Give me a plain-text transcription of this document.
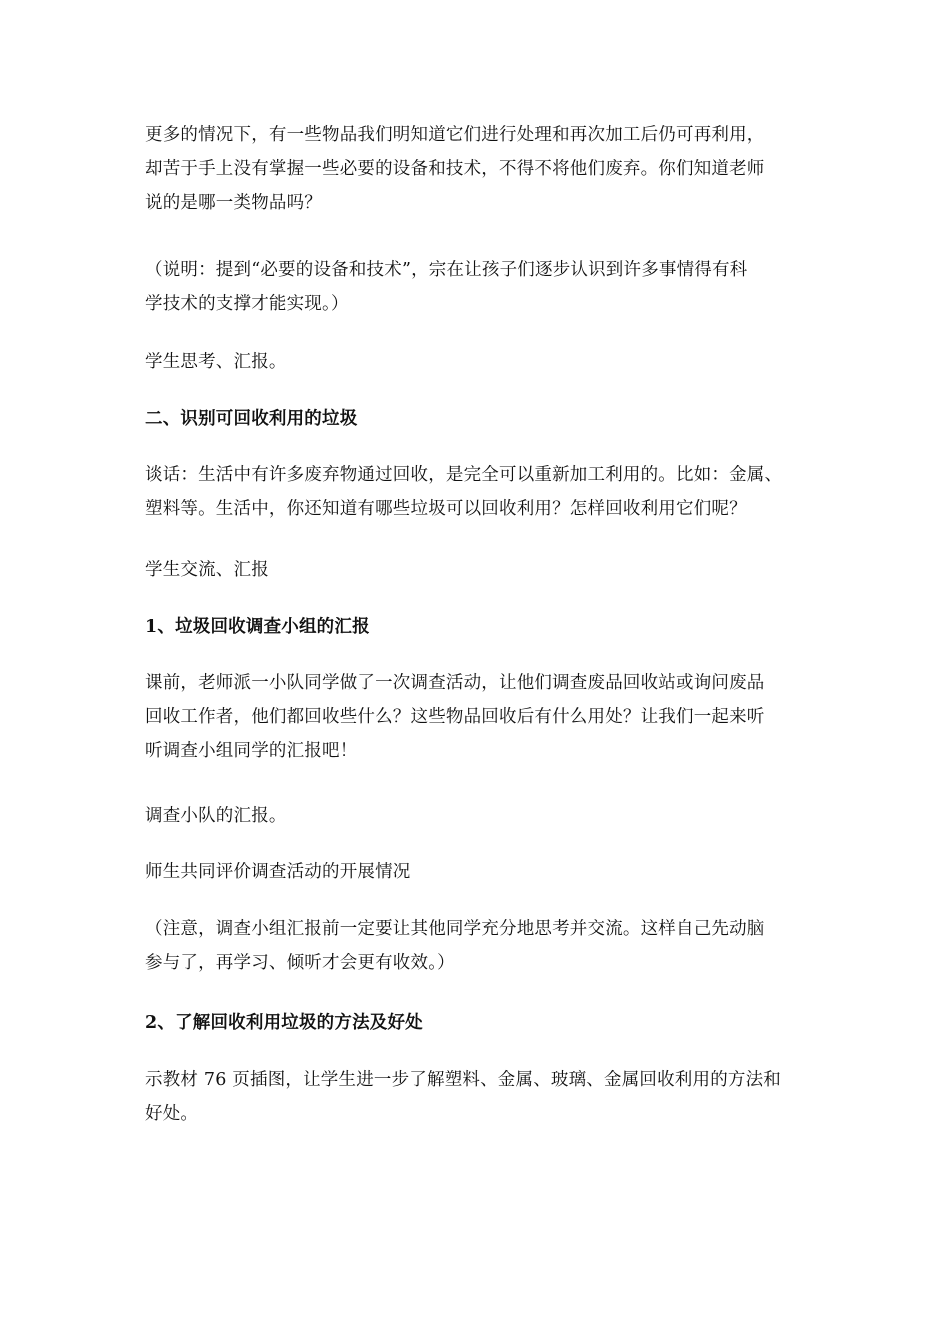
更多的情况下，有一些物品我们明知道它们进行处理和再次加工后仍可再利用，
却苦于手上没有掌握一些必要的设备和技术，不得不将他们废弃。你们知道老师
说的是哪一类物品吗？
（说明：提到“必要的设备和技术”，宗在让孩子们逐步认识到许多事情得有科
学技术的支撑才能实现。）
学生思考、汇报。
二、识别可回收利用的垃圾
谈话：生活中有许多废弃物通过回收，是完全可以重新加工利用的。比如：金属、
塑料等。生活中，你还知道有哪些垃圾可以回收利用？怎样回收利用它们呢？
学生交流、汇报
1、垃圾回收调查小组的汇报
课前，老师派一小队同学做了一次调查活动，让他们调查废品回收站或询问废品
回收工作者，他们都回收些什么？这些物品回收后有什么用处？让我们一起来听
听调查小组同学的汇报吧！
调查小队的汇报。
师生共同评价调查活动的开展情况
（注意，调查小组汇报前一定要让其他同学充分地思考并交流。这样自己先动脑
参与了，再学习、倾听才会更有收效。）
2、了解回收利用垃圾的方法及好处
示教材 76 页插图，让学生进一步了解塑料、金属、玻璃、金属回收利用的方法和
好处。
